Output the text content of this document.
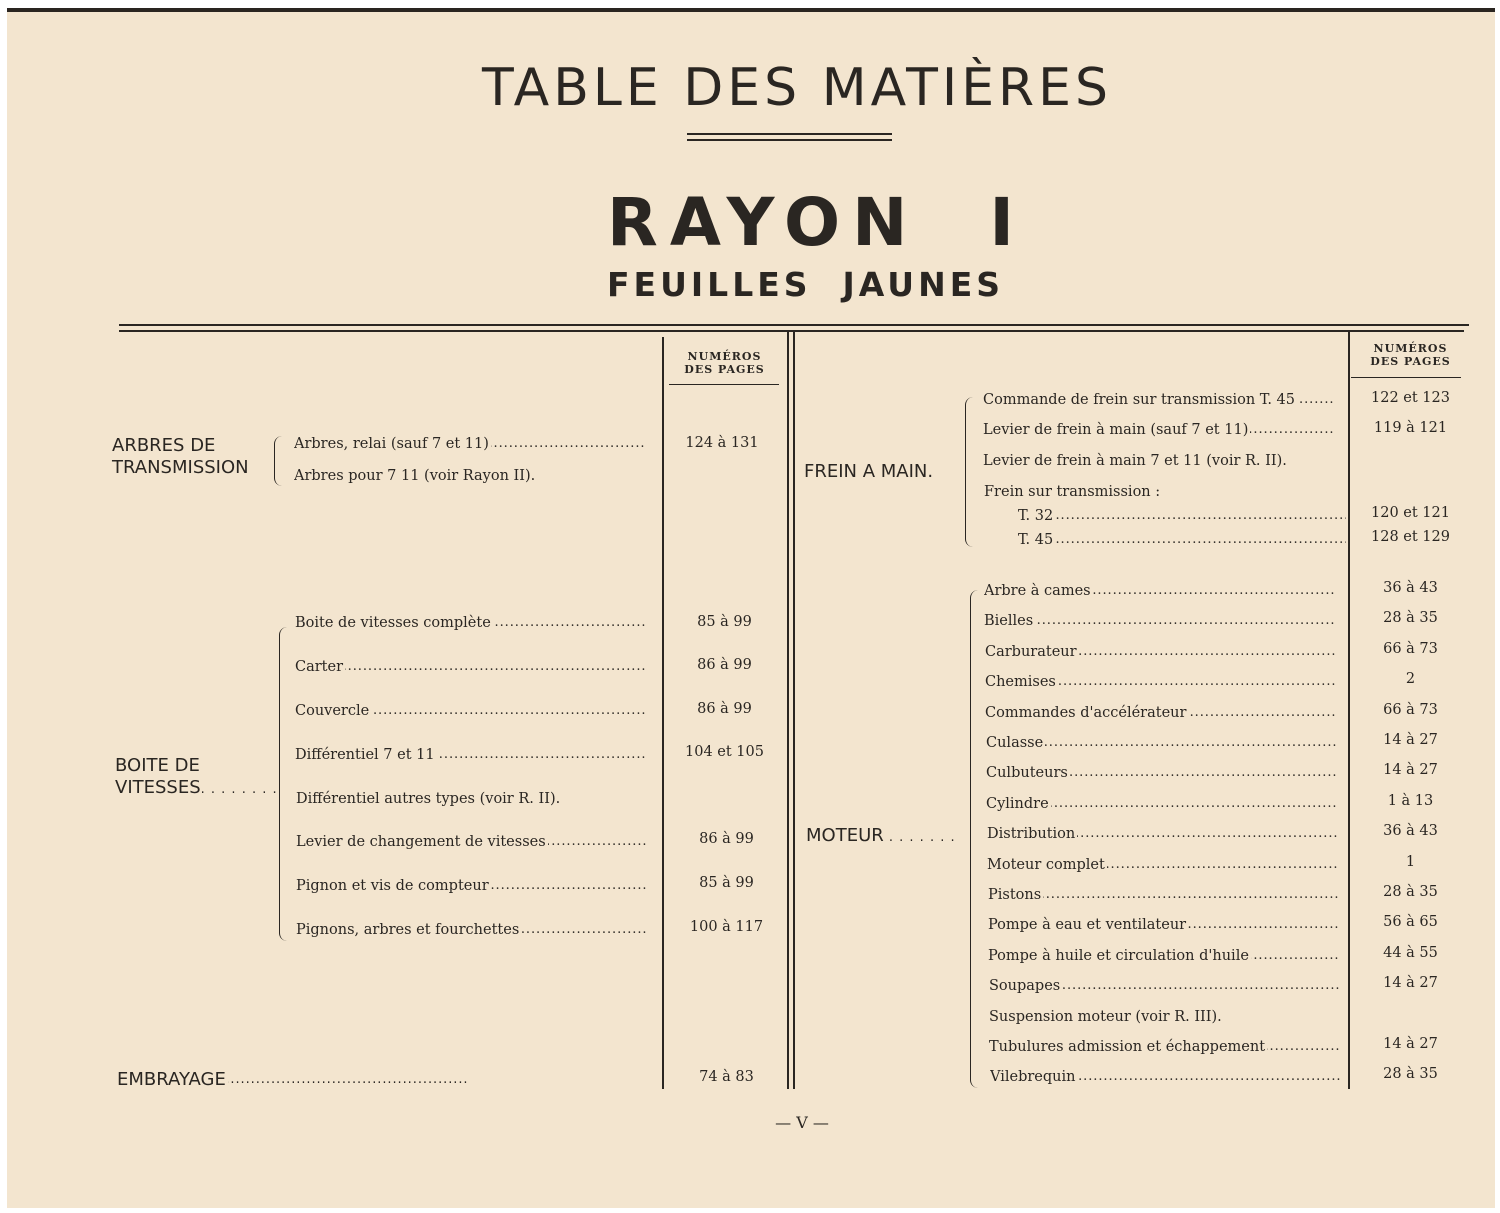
TABLE DES MATIÈRES
RAYON  I
FEUILLES  JAUNES
NUMÉROS
DES PAGES
NUMÉROS
DES PAGES
ARBRES DE
TRANSMISSION
Arbres, relai (sauf 7 et 11) . . .	124 à 131
Arbres pour 7 11 (voir Rayon II).
BOITE DE
VITESSES. . . . . . . .
Boite de vitesses complète . . .	85 à 99
Carter . . .	86 à 99
Couvercle . . .	86 à 99
Différentiel 7 et 11 . . .	104 et 105
Différentiel autres types (voir R. II).
Levier de changement de vitesses . . .	86 à 99
Pignon et vis de compteur . . .	85 à 99
Pignons, arbres et fourchettes . . .	100 à 117
EMBRAYAGE . . .	74 à 83
FREIN A MAIN.
Commande de frein sur transmission T. 45 . . .	122 et 123
Levier de frein à main (sauf 7 et 11) . . .	119 à 121
Levier de frein à main 7 et 11 (voir R. II).
Frein sur transmission :
T. 32 . . .	120 et 121
T. 45 . . .	128 et 129
MOTEUR . . . . . . .
Arbre à cames . . .	36 à 43
Bielles . . .	28 à 35
Carburateur . . .	66 à 73
Chemises . . .	2
Commandes d'accélérateur . . .	66 à 73
Culasse . . .	14 à 27
Culbuteurs . . .	14 à 27
Cylindre . . .	1 à 13
Distribution . . .	36 à 43
Moteur complet . . .	1
Pistons . . .	28 à 35
Pompe à eau et ventilateur . . .	56 à 65
Pompe à huile et circulation d'huile . . .	44 à 55
Soupapes . . .	14 à 27
Suspension moteur (voir R. III).
Tubulures admission et échappement . . .	14 à 27
Vilebrequin . . .	28 à 35
— V —
